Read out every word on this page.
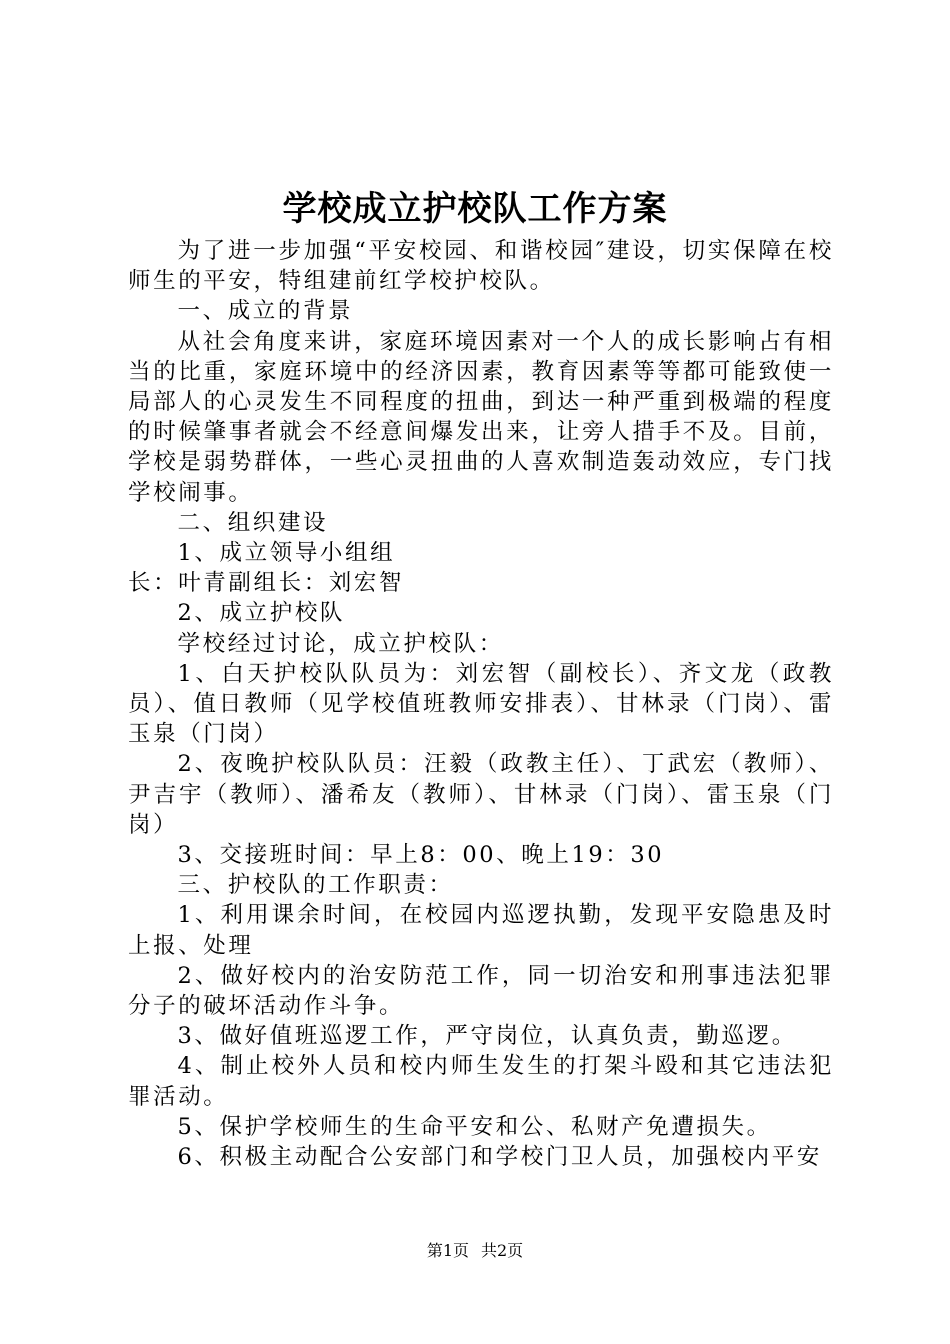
学校成立护校队工作方案

为了进一步加强“平安校园、和谐校园″建设，切实保障在校师生的平安，特组建前红学校护校队。

一、成立的背景

从社会角度来讲，家庭环境因素对一个人的成长影响占有相当的比重，家庭环境中的经济因素，教育因素等等都可能致使一局部人的心灵发生不同程度的扭曲，到达一种严重到极端的程度的时候肇事者就会不经意间爆发出来，让旁人措手不及。目前，学校是弱势群体，一些心灵扭曲的人喜欢制造轰动效应，专门找学校闹事。

二、组织建设

1、成立领导小组组

长：叶青副组长：刘宏智

2、成立护校队

学校经过讨论，成立护校队：

1、白天护校队队员为：刘宏智（副校长）、齐文龙（政教员）、值日教师（见学校值班教师安排表）、甘林录（门岗）、雷玉泉（门岗）

2、夜晚护校队队员：汪毅（政教主任）、丁武宏（教师）、尹吉宇（教师）、潘希友（教师）、甘林录（门岗）、雷玉泉（门岗）

3、交接班时间：早上8：00、晚上19：30

三、护校队的工作职责：

1、利用课余时间，在校园内巡逻执勤，发现平安隐患及时上报、处理

2、做好校内的治安防范工作，同一切治安和刑事违法犯罪分子的破坏活动作斗争。

3、做好值班巡逻工作，严守岗位，认真负责，勤巡逻。

4、制止校外人员和校内师生发生的打架斗殴和其它违法犯罪活动。

5、保护学校师生的生命平安和公、私财产免遭损失。

6、积极主动配合公安部门和学校门卫人员，加强校内平安

第1页 共2页
